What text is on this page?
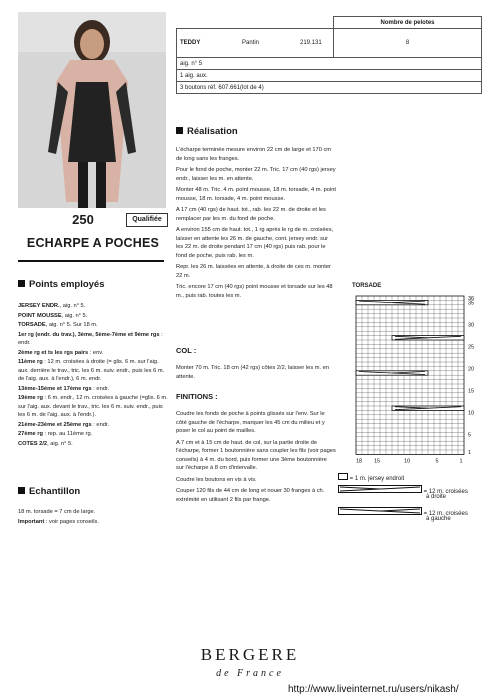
250	Qualifiée
ECHARPE A POCHES
Points employés

JERSEY ENDR., aig. n° 5.

POINT MOUSSE, aig. n° 5.

TORSADE, aig. n° 5. Sur 18 m.

1er rg (endr. du trav.), 3ème, 5ème-7ème et 9ème rgs : endr.

2ème rg et ts les rgs pairs : env.

11ème rg : 12 m. croisées à droite (= glis. 6 m. sur l'aig. aux. derrière le trav., tric. les 6 m. suiv. endr., puis les 6 m. de l'aig. aux. à l'endr.), 6 m. endr.

13ème-15ème et 17ème rgs : endr.

19ème rg : 6 m. endr., 12 m. croisées à gauche (=glis. 6 m. sur l'aig. aux. devant le trav., tric. les 6 m. suiv. endr., puis les 6 m. de l'aig. aux. à l'endr.).

21ème-23ème et 25ème rgs : endr.

27ème rg : rep. au 11ème rg.

COTES 2/2, aig. n° 5.

Echantillon

18 m. torsade = 7 cm de large.

Important : voir pages conseils.

			Nombre de pelotes
TEDDY	Pantin	219.131	8
aig. n° 5			
1 aig. aux.			
3 boutons réf. 607.661(lot de 4)			
Réalisation

L'écharpe terminée mesure environ 22 cm de large et 170 cm de long sans les franges.

Pour le fond de poche, monter 22 m. Tric. 17 cm (40 rgs) jersey endr., laisser les m. en attente.

Monter 48 m. Tric. 4 m. point mousse, 18 m. torsade, 4 m. point mousse, 18 m. torsade, 4 m. point mousse.

A 17 cm (40 rgs) de haut. tot., rab. les 22 m. de droite et les remplacer par les m. du fond de poche.

A environ 155 cm de haut. tot., 1 rg après le rg de m. croisées, laisser en attente les 26 m. de gauche, cont. jersey endr. sur les 22 m. de droite pendant 17 cm (40 rgs) puis rab. pour le fond de poche, puis rab. les m.

Repr. les 26 m. laissées en attente, à droite de ces m. monter 22 m.

Tric. encore 17 cm (40 rgs) point mousse et torsade sur les 48 m., puis rab. toutes les m.

COL :
Monter 70 m. Tric. 18 cm (42 rgs) côtes 2/2, laisser les m. en attente.
FINITIONS :

Coudre les fonds de poche à points glissés sur l'env. Sur le côté gauche de l'écharpe, marquer les 45 cm du milieu et y poser le col au point de mailles.

A 7 cm et à 15 cm de haut. de col, sur la partie droite de l'écharpe, former 1 boutonnière sans coupler les fils (voir pages conseils) à 4 m. du bord, puis former une 3ème boutonnière sur l'écharpe à 8 cm d'intervalle.

Coudre les boutons en vis à vis.

Couper 120 fils de 44 cm de long et nouer 30 franges à ch. extrémité en utilisant 2 fils par frange.

TORSADE
36
35
30
25
20
15
10
5
1
18 15	10	5	1
= 1 m. jersey endroit
= 12 m. croisées
à droite
= 12 m. croisées
à gauche
BERGERE
de France
http://www.liveinternet.ru/users/nikash/
